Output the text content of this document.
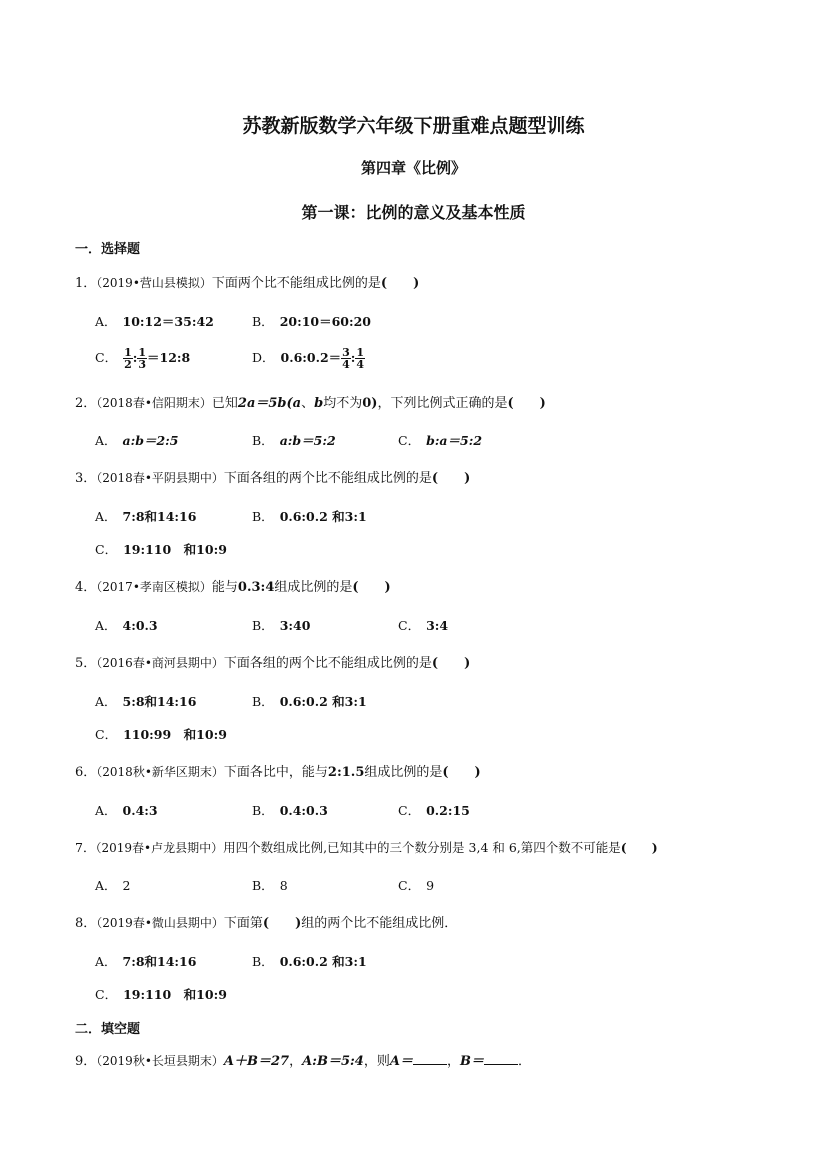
苏教新版数学六年级下册重难点题型训练
第四章《比例》
第一课：比例的意义及基本性质
一．选择题
1．（2019•营山县模拟）下面两个比不能组成比例的是(　　)
A． 10:12＝35:42	B． 20:10＝60:20
C． $\frac{1}{2}$ : $\frac{1}{3}$ ＝12:8	D． 0.6:0.2＝ $\frac{3}{4}$ : $\frac{1}{4}$
2．（2018春•信阳期末）已知2a＝5b(a、b均不为0)，下列比例式正确的是(　　)
A． a:b＝2:5	B． a:b＝5:2	C． b:a＝5:2
3．（2018春•平阴县期中）下面各组的两个比不能组成比例的是(　　)
A． 7:8和14:16	B． 0.6:0.2 和3:1
C． 19:110　和10:9
4．（2017•孝南区模拟）能与0.3:4组成比例的是(　　)
A． 4:0.3	B． 3:40	C． 3:4
5．（2016春•商河县期中）下面各组的两个比不能组成比例的是(　　)
A． 5:8和14:16	B． 0.6:0.2 和3:1
C． 110:99　和10:9
6．（2018秋•新华区期末）下面各比中，能与2:1.5组成比例的是(　　)
A． 0.4:3	B． 0.4:0.3	C． 0.2:15
7．（2019春•卢龙县期中）用四个数组成比例,已知其中的三个数分别是 3,4 和 6,第四个数不可能是(　　)
A． 2	B． 8	C． 9
8．（2019春•微山县期中）下面第(　　)组的两个比不能组成比例．
A． 7:8和14:16	B． 0.6:0.2 和3:1
C． 19:110　和10:9
二．填空题
9．（2019秋•长垣县期末）A＋B＝27，A:B＝5:4，则A＝	，B＝	．
